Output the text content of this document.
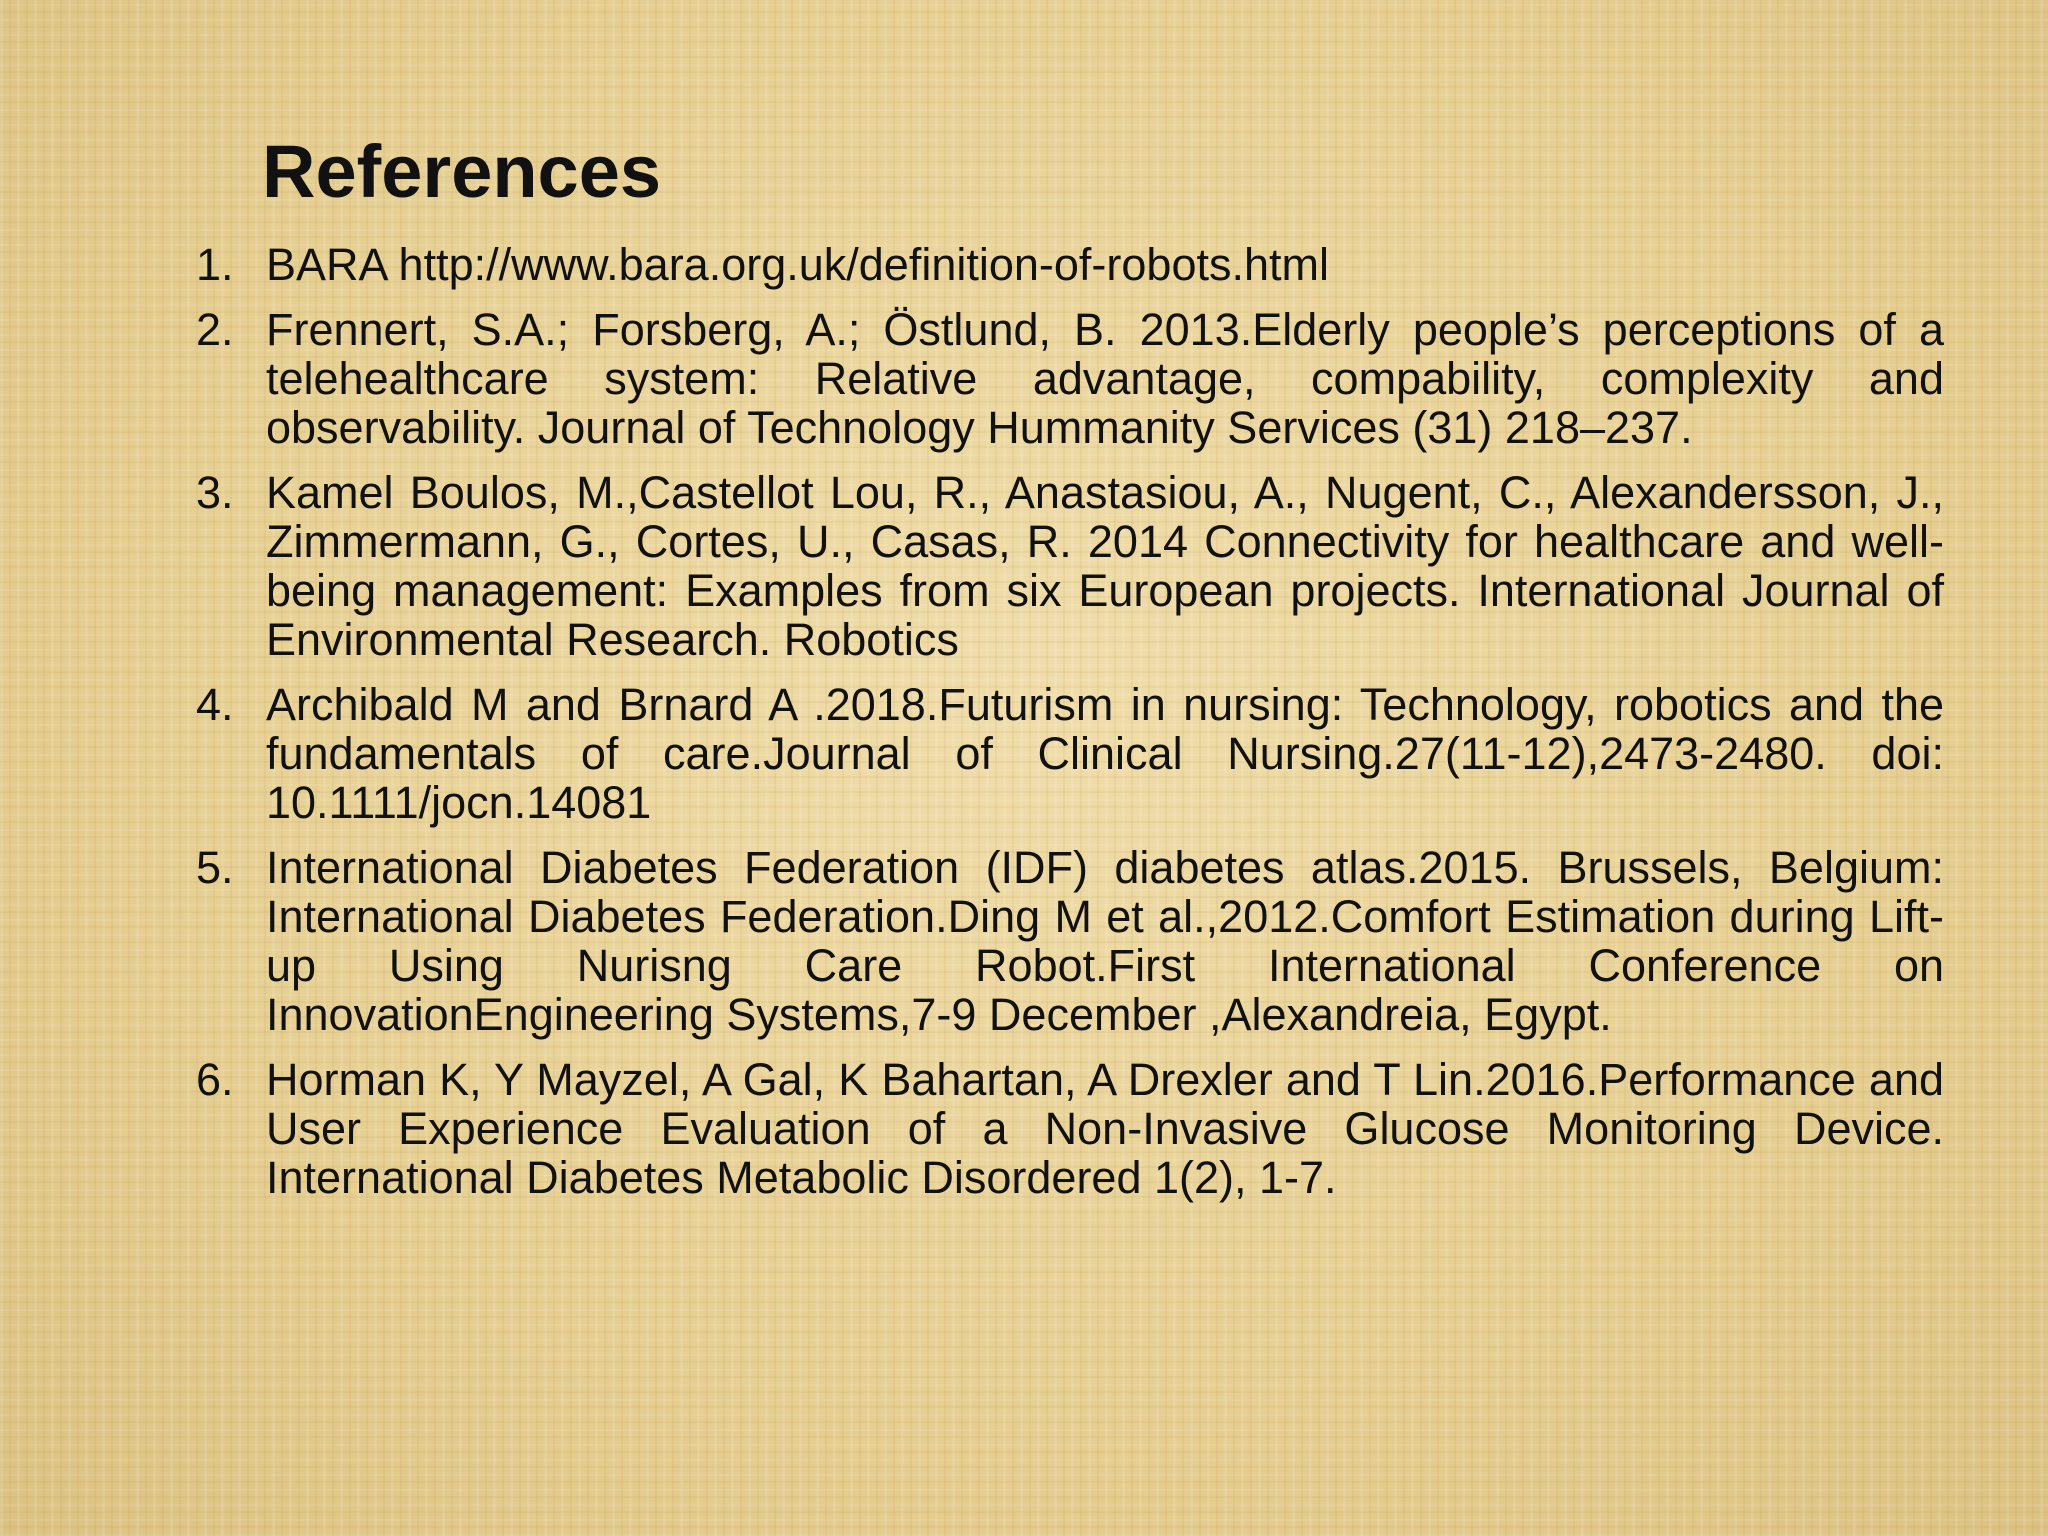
References
1. BARA http://www.bara.org.uk/definition-of-robots.html
2. Frennert, S.A.; Forsberg, A.; Östlund, B. 2013.Elderly people’s perceptions of a telehealthcare system: Relative advantage, compability, complexity and observability. Journal of Technology Hummanity Services (31) 218–237.
3. Kamel Boulos, M.,Castellot Lou, R., Anastasiou, A., Nugent, C., Alexandersson, J., Zimmermann, G., Cortes, U., Casas, R. 2014 Connectivity for healthcare and well-being management: Examples from six European projects. International Journal of Environmental Research. Robotics
4. Archibald M and Brnard A .2018.Futurism in nursing: Technology, robotics and the fundamentals of care.Journal of Clinical Nursing.27(11-12),2473-2480. doi: 10.1111/jocn.14081
5. International Diabetes Federation (IDF) diabetes atlas.2015. Brussels, Belgium: International Diabetes Federation.Ding M et al.,2012.Comfort Estimation during Lift-up Using Nurisng Care Robot.First International Conference on InnovationEngineering Systems,7-9 December ,Alexandreia, Egypt.
6. Horman K, Y Mayzel, A Gal, K Bahartan, A Drexler and T Lin.2016.Performance and User Experience Evaluation of a Non-Invasive Glucose Monitoring Device. International Diabetes Metabolic Disordered 1(2), 1-7.
